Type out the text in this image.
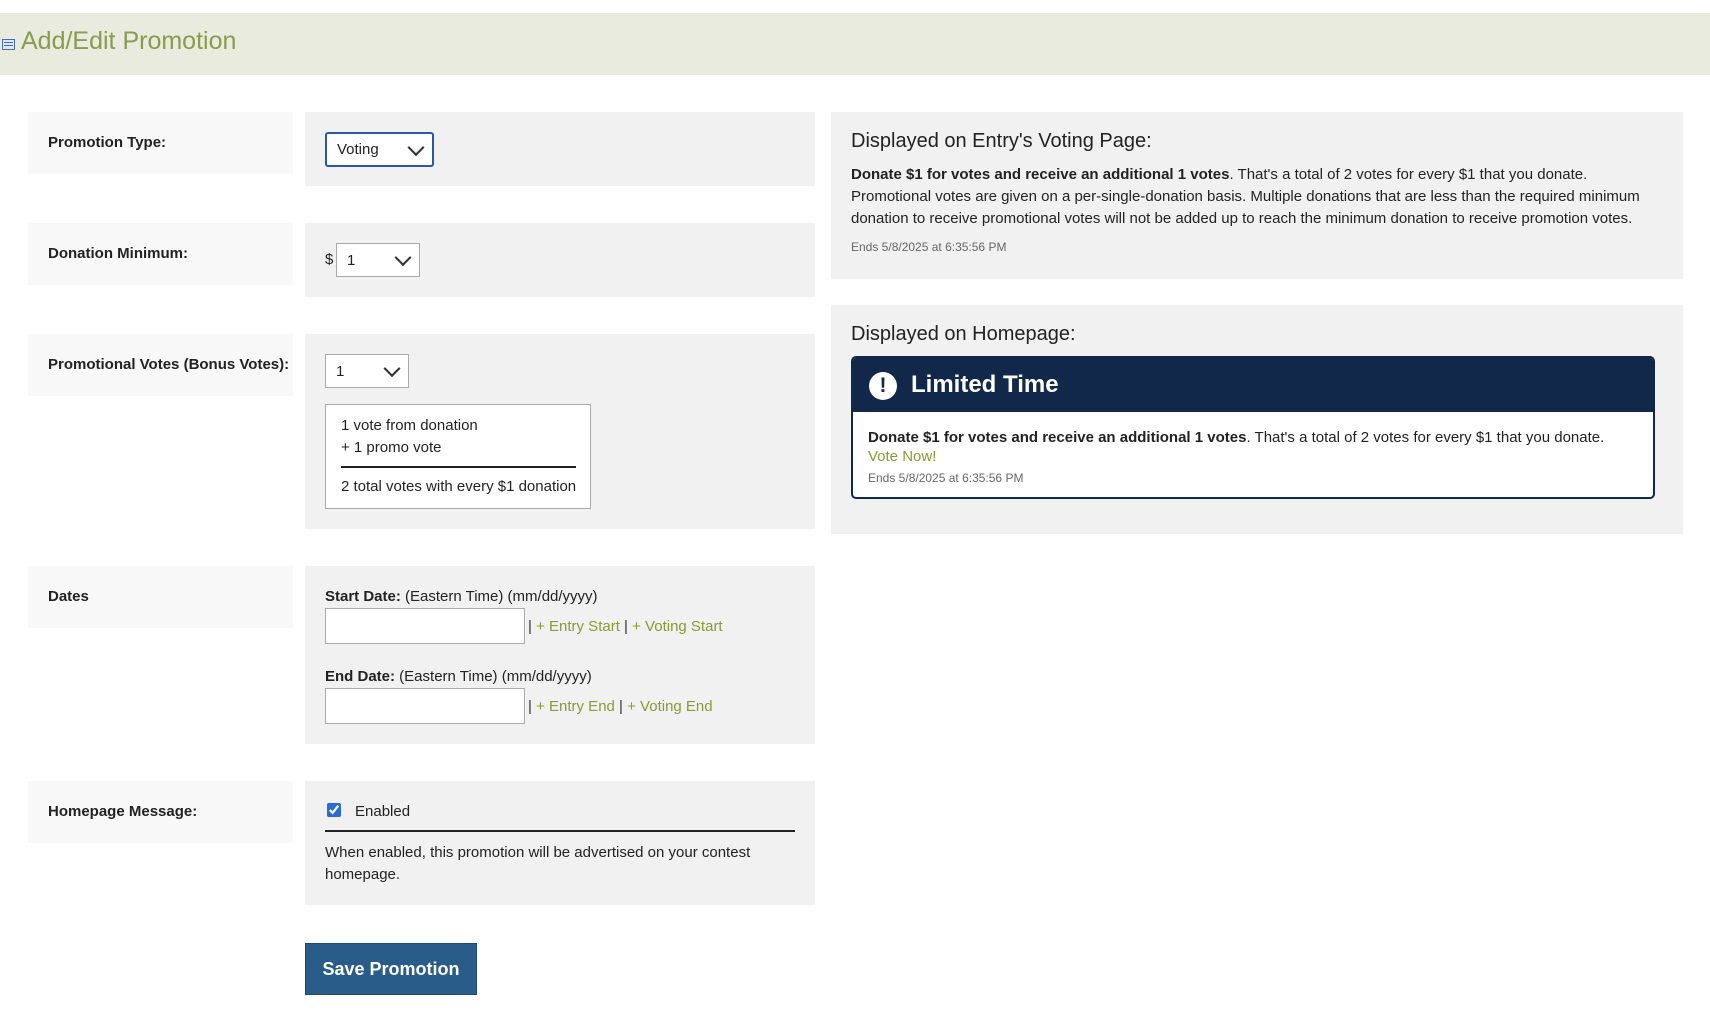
Add/Edit Promotion
Promotion Type:	Voting
Donation Minimum:	$ 1
Promotional Votes (Bonus Votes):	1
1 vote from donation
+ 1 promo vote
2 total votes with every $1 donation
Dates	Start Date: (Eastern Time) (mm/dd/yyyy)
| + Entry Start | + Voting Start
End Date: (Eastern Time) (mm/dd/yyyy)
| + Entry End | + Voting End
Homepage Message:	Enabled
When enabled, this promotion will be advertised on your contest homepage.
Save Promotion
Displayed on Entry's Voting Page:
Donate $1 for votes and receive an additional 1 votes. That's a total of 2 votes for every $1 that you donate. Promotional votes are given on a per-single-donation basis. Multiple donations that are less than the required minimum donation to receive promotional votes will not be added up to reach the minimum donation to receive promotion votes.
Ends 5/8/2025 at 6:35:56 PM
Displayed on Homepage:
!	Limited Time
Donate $1 for votes and receive an additional 1 votes. That's a total of 2 votes for every $1 that you donate.
Vote Now!
Ends 5/8/2025 at 6:35:56 PM
